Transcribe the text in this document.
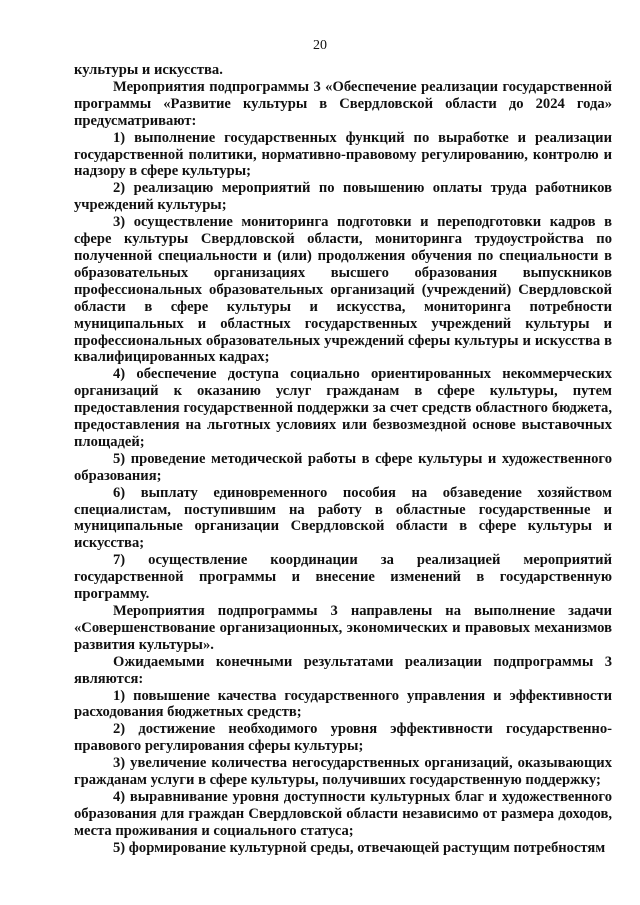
20

культуры и искусства.

Мероприятия подпрограммы 3 «Обеспечение реализации государственной программы «Развитие культуры в Свердловской области до 2024 года» предусматривают:

1) выполнение государственных функций по выработке и реализации государственной политики, нормативно-правовому регулированию, контролю и надзору в сфере культуры;

2) реализацию мероприятий по повышению оплаты труда работников учреждений культуры;

3) осуществление мониторинга подготовки и переподготовки кадров в сфере культуры Свердловской области, мониторинга трудоустройства по полученной специальности и (или) продолжения обучения по специальности в образовательных организациях высшего образования выпускников профессиональных образовательных организаций (учреждений) Свердловской области в сфере культуры и искусства, мониторинга потребности муниципальных и областных государственных учреждений культуры и профессиональных образовательных учреждений сферы культуры и искусства в квалифицированных кадрах;

4) обеспечение доступа социально ориентированных некоммерческих организаций к оказанию услуг гражданам в сфере культуры, путем предоставления государственной поддержки за счет средств областного бюджета, предоставления на льготных условиях или безвозмездной основе выставочных площадей;

5) проведение методической работы в сфере культуры и художественного образования;

6) выплату единовременного пособия на обзаведение хозяйством специалистам, поступившим на работу в областные государственные и муниципальные организации Свердловской области в сфере культуры и искусства;

7) осуществление координации за реализацией мероприятий государственной программы и внесение изменений в государственную программу.

Мероприятия подпрограммы 3 направлены на выполнение задачи «Совершенствование организационных, экономических и правовых механизмов развития культуры».

Ожидаемыми конечными результатами реализации подпрограммы 3 являются:

1) повышение качества государственного управления и эффективности расходования бюджетных средств;

2) достижение необходимого уровня эффективности государственно-правового регулирования сферы культуры;

3) увеличение количества негосударственных организаций, оказывающих гражданам услуги в сфере культуры, получивших государственную поддержку;

4) выравнивание уровня доступности культурных благ и художественного образования для граждан Свердловской области независимо от размера доходов, места проживания и социального статуса;

5) формирование культурной среды, отвечающей растущим потребностям
